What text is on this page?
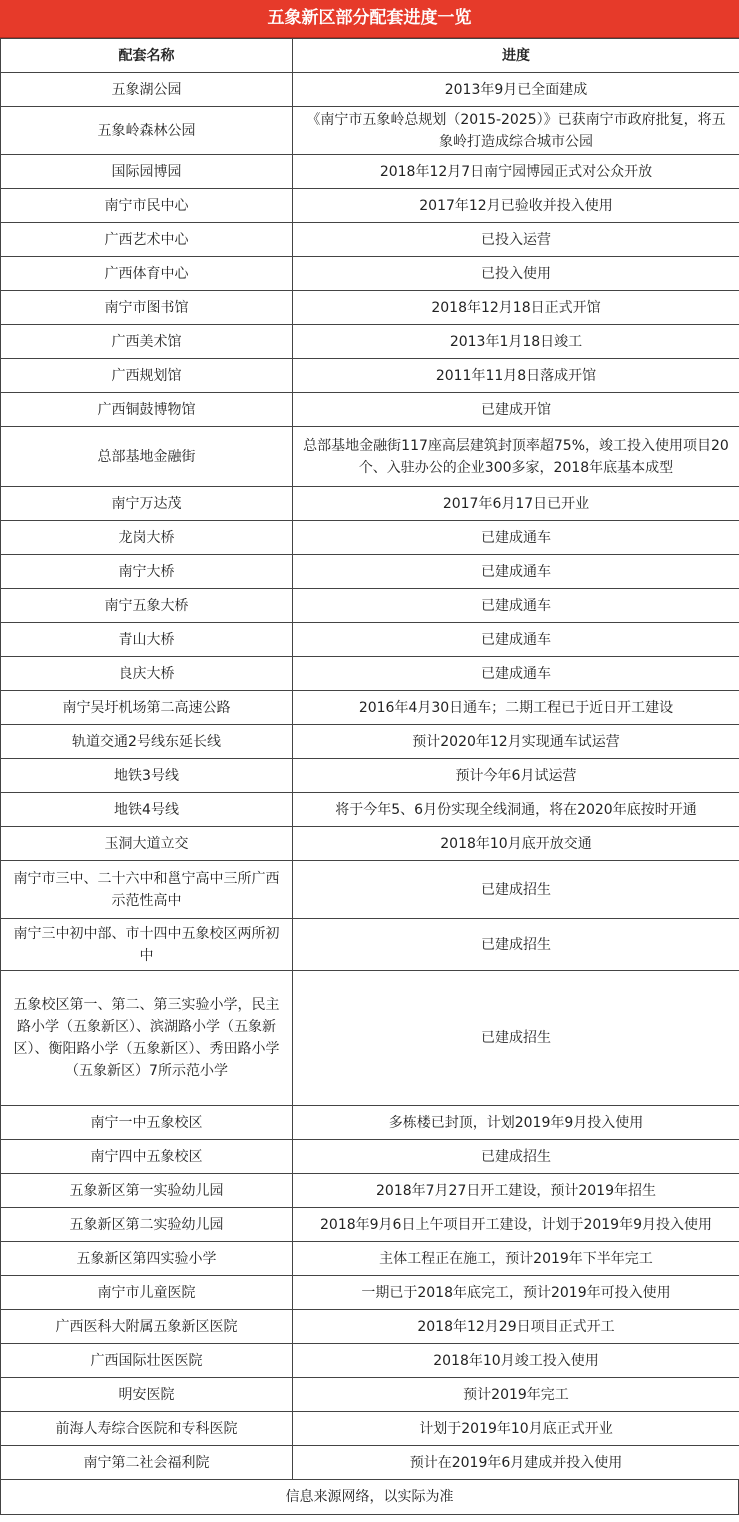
五象新区部分配套进度一览
配套名称	进度
五象湖公园	2013年9月已全面建成
五象岭森林公园	《南宁市五象岭总规划（2015-2025）》已获南宁市政府批复，将五象岭打造成综合城市公园
国际园博园	2018年12月7日南宁园博园正式对公众开放
南宁市民中心	2017年12月已验收并投入使用
广西艺术中心	已投入运营
广西体育中心	已投入使用
南宁市图书馆	2018年12月18日正式开馆
广西美术馆	2013年1月18日竣工
广西规划馆	2011年11月8日落成开馆
广西铜鼓博物馆	已建成开馆
总部基地金融街	总部基地金融街117座高层建筑封顶率超75%，竣工投入使用项目20个、入驻办公的企业300多家，2018年底基本成型
南宁万达茂	2017年6月17日已开业
龙岗大桥	已建成通车
南宁大桥	已建成通车
南宁五象大桥	已建成通车
青山大桥	已建成通车
良庆大桥	已建成通车
南宁吴圩机场第二高速公路	2016年4月30日通车；二期工程已于近日开工建设
轨道交通2号线东延长线	预计2020年12月实现通车试运营
地铁3号线	预计今年6月试运营
地铁4号线	将于今年5、6月份实现全线洞通，将在2020年底按时开通
玉洞大道立交	2018年10月底开放交通
南宁市三中、二十六中和邕宁高中三所广西示范性高中	已建成招生
南宁三中初中部、市十四中五象校区两所初中	已建成招生
五象校区第一、第二、第三实验小学，民主路小学（五象新区）、滨湖路小学（五象新区）、衡阳路小学（五象新区）、秀田路小学（五象新区）7所示范小学	已建成招生
南宁一中五象校区	多栋楼已封顶，计划2019年9月投入使用
南宁四中五象校区	已建成招生
五象新区第一实验幼儿园	2018年7月27日开工建设，预计2019年招生
五象新区第二实验幼儿园	2018年9月6日上午项目开工建设，计划于2019年9月投入使用
五象新区第四实验小学	主体工程正在施工，预计2019年下半年完工
南宁市儿童医院	一期已于2018年底完工，预计2019年可投入使用
广西医科大附属五象新区医院	2018年12月29日项目正式开工
广西国际壮医医院	2018年10月竣工投入使用
明安医院	预计2019年完工
前海人寿综合医院和专科医院	计划于2019年10月底正式开业
南宁第二社会福利院	预计在2019年6月建成并投入使用
信息来源网络，以实际为准
